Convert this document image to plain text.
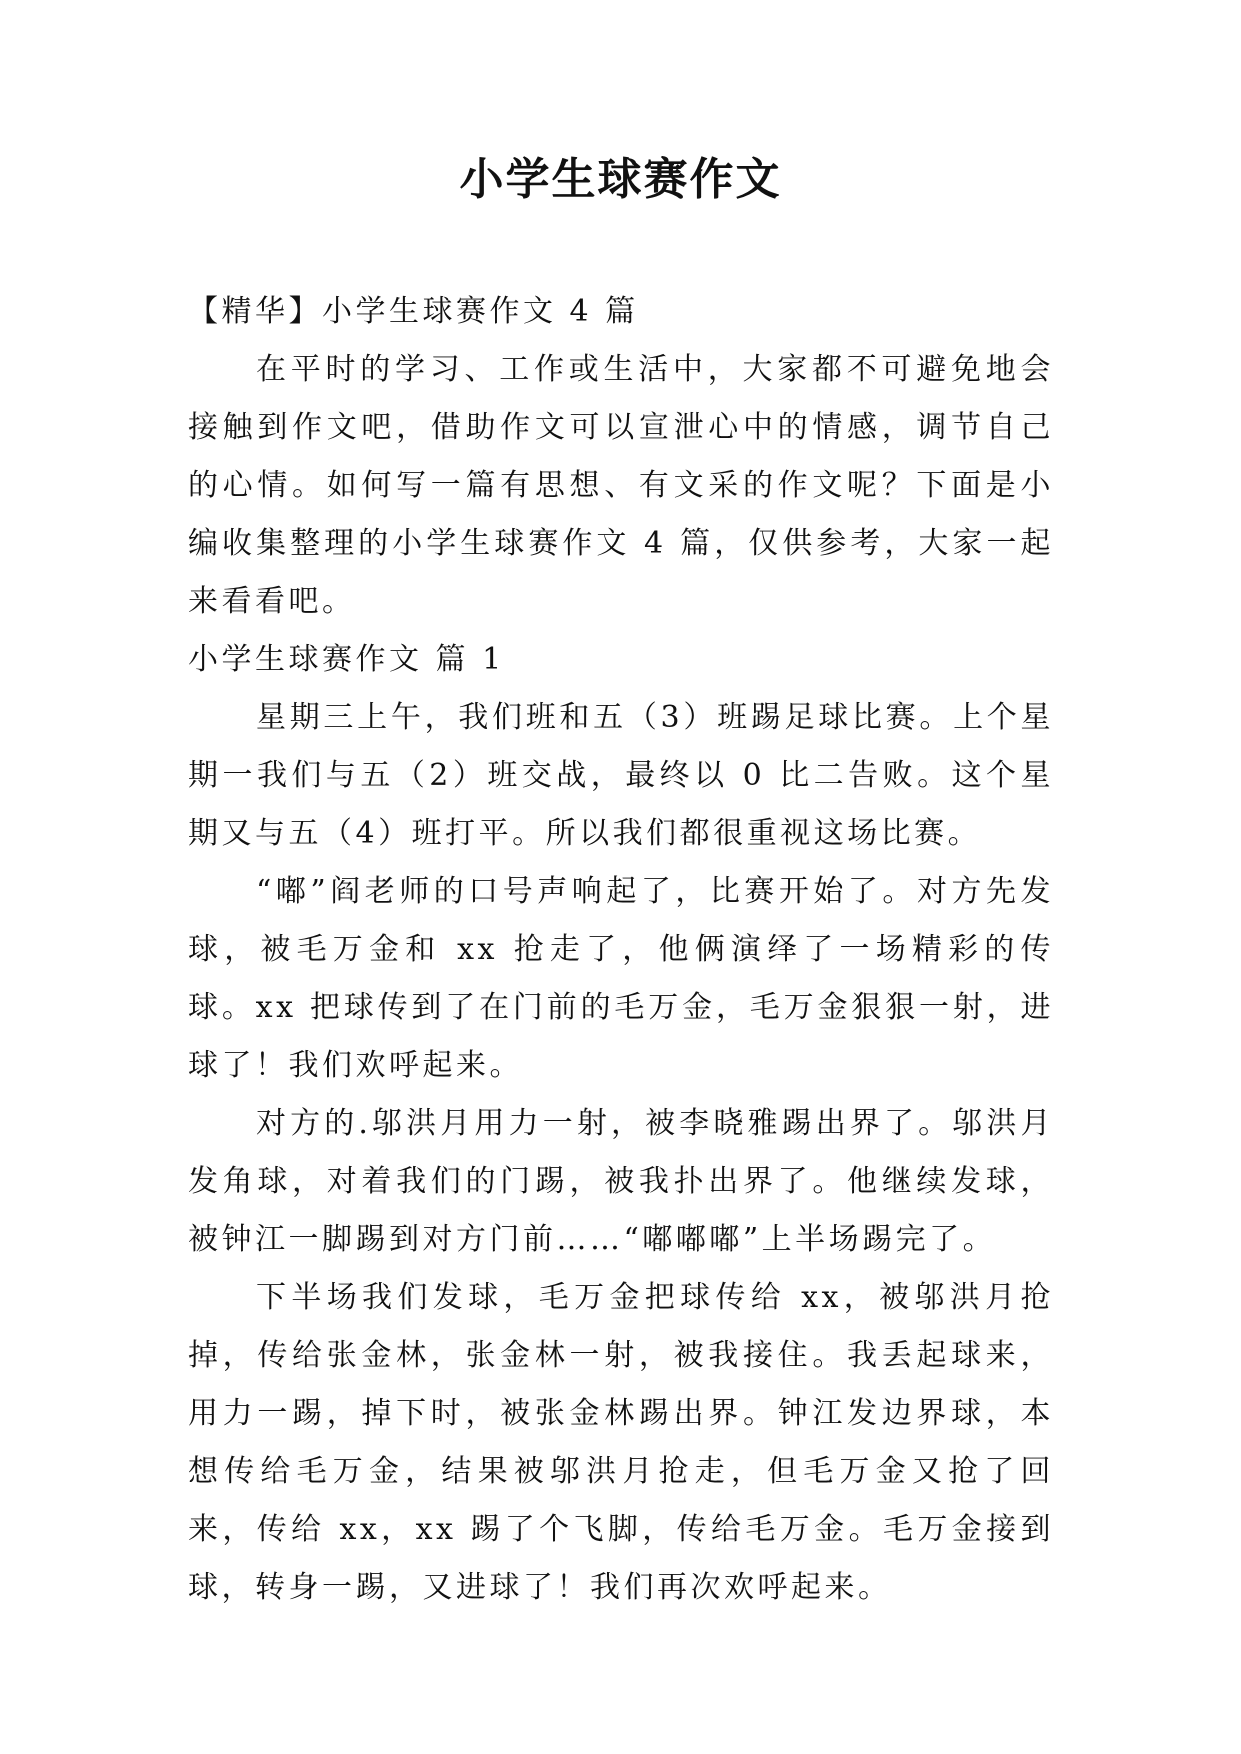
小学生球赛作文

【精华】小学生球赛作文 4 篇

在平时的学习、工作或生活中，大家都不可避免地会接触到作文吧，借助作文可以宣泄心中的情感，调节自己的心情。如何写一篇有思想、有文采的作文呢？下面是小编收集整理的小学生球赛作文 4 篇，仅供参考，大家一起来看看吧。

小学生球赛作文 篇 1

星期三上午，我们班和五（3）班踢足球比赛。上个星期一我们与五（2）班交战，最终以 0 比二告败。这个星期又与五（4）班打平。所以我们都很重视这场比赛。

“嘟”阎老师的口号声响起了，比赛开始了。对方先发球，被毛万金和 xx 抢走了，他俩演绎了一场精彩的传球。xx 把球传到了在门前的毛万金，毛万金狠狠一射，进球了！我们欢呼起来。

对方的.邬洪月用力一射，被李晓雅踢出界了。邬洪月发角球，对着我们的门踢，被我扑出界了。他继续发球，被钟江一脚踢到对方门前……“嘟嘟嘟”上半场踢完了。

下半场我们发球，毛万金把球传给 xx，被邬洪月抢掉，传给张金林，张金林一射，被我接住。我丢起球来，用力一踢，掉下时，被张金林踢出界。钟江发边界球，本想传给毛万金，结果被邬洪月抢走，但毛万金又抢了回来，传给 xx，xx 踢了个飞脚，传给毛万金。毛万金接到球，转身一踢，又进球了！我们再次欢呼起来。
